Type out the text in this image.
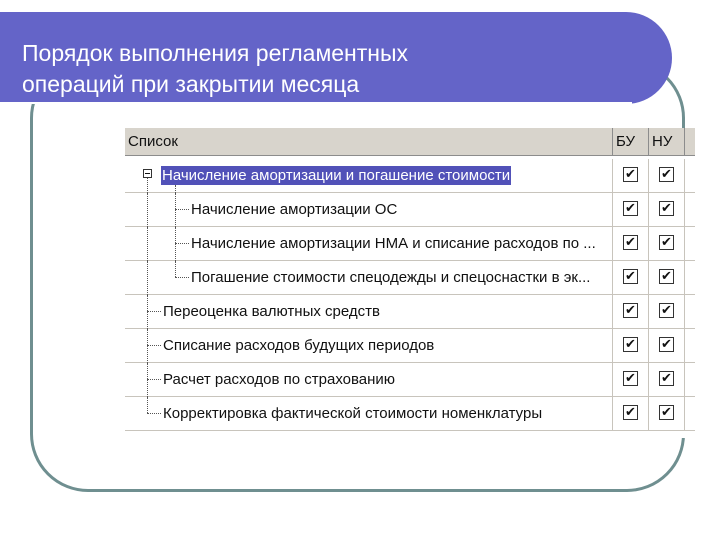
Порядок выполнения регламентных
операций при закрытии месяца
Список	БУ	НУ
Начисление амортизации и погашение стоимости	✔ ✔
Начисление амортизации ОС	✔ ✔
Начисление амортизации НМА и списание расходов по ... ✔ ✔
Погашение стоимости спецодежды и спецоснастки в эк...	✔ ✔
Переоценка валютных средств	✔ ✔
Списание расходов будущих периодов	✔ ✔
Расчет расходов по страхованию	✔ ✔
Корректировка фактической стоимости номенклатуры	✔ ✔
